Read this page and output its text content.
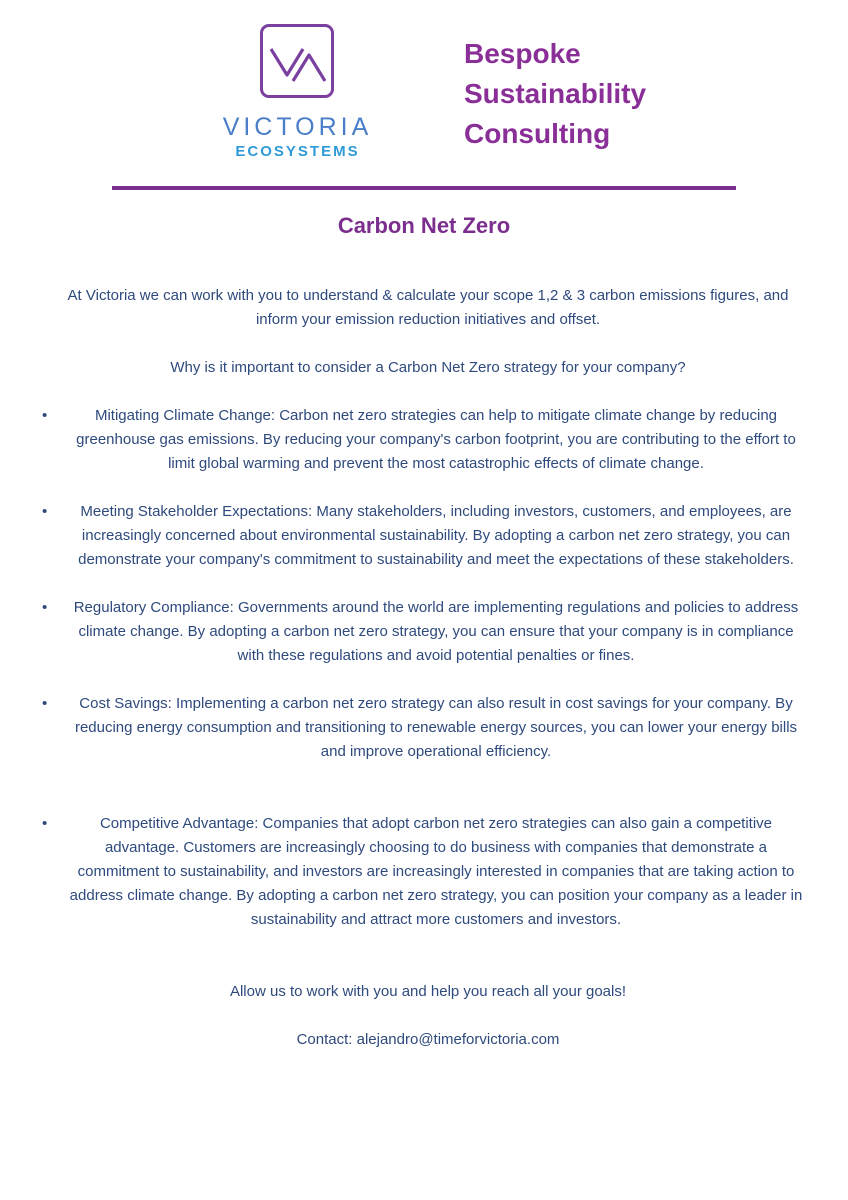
VICTORIA
ECOSYSTEMS
Bespoke
Sustainability
Consulting
Carbon Net Zero

At Victoria we can work with you to understand & calculate your scope 1,2 & 3 carbon emissions figures, and inform your emission reduction initiatives and offset.

Why is it important to consider a Carbon Net Zero strategy for your company?

• Mitigating Climate Change: Carbon net zero strategies can help to mitigate climate change by reducing greenhouse gas emissions. By reducing your company's carbon footprint, you are contributing to the effort to limit global warming and prevent the most catastrophic effects of climate change.
• Meeting Stakeholder Expectations: Many stakeholders, including investors, customers, and employees, are increasingly concerned about environmental sustainability. By adopting a carbon net zero strategy, you can demonstrate your company's commitment to sustainability and meet the expectations of these stakeholders.
• Regulatory Compliance: Governments around the world are implementing regulations and policies to address climate change. By adopting a carbon net zero strategy, you can ensure that your company is in compliance with these regulations and avoid potential penalties or fines.
• Cost Savings: Implementing a carbon net zero strategy can also result in cost savings for your company. By reducing energy consumption and transitioning to renewable energy sources, you can lower your energy bills and improve operational efficiency.
• Competitive Advantage: Companies that adopt carbon net zero strategies can also gain a competitive advantage. Customers are increasingly choosing to do business with companies that demonstrate a commitment to sustainability, and investors are increasingly interested in companies that are taking action to address climate change. By adopting a carbon net zero strategy, you can position your company as a leader in sustainability and attract more customers and investors.

Allow us to work with you and help you reach all your goals!

Contact: alejandro@timeforvictoria.com
